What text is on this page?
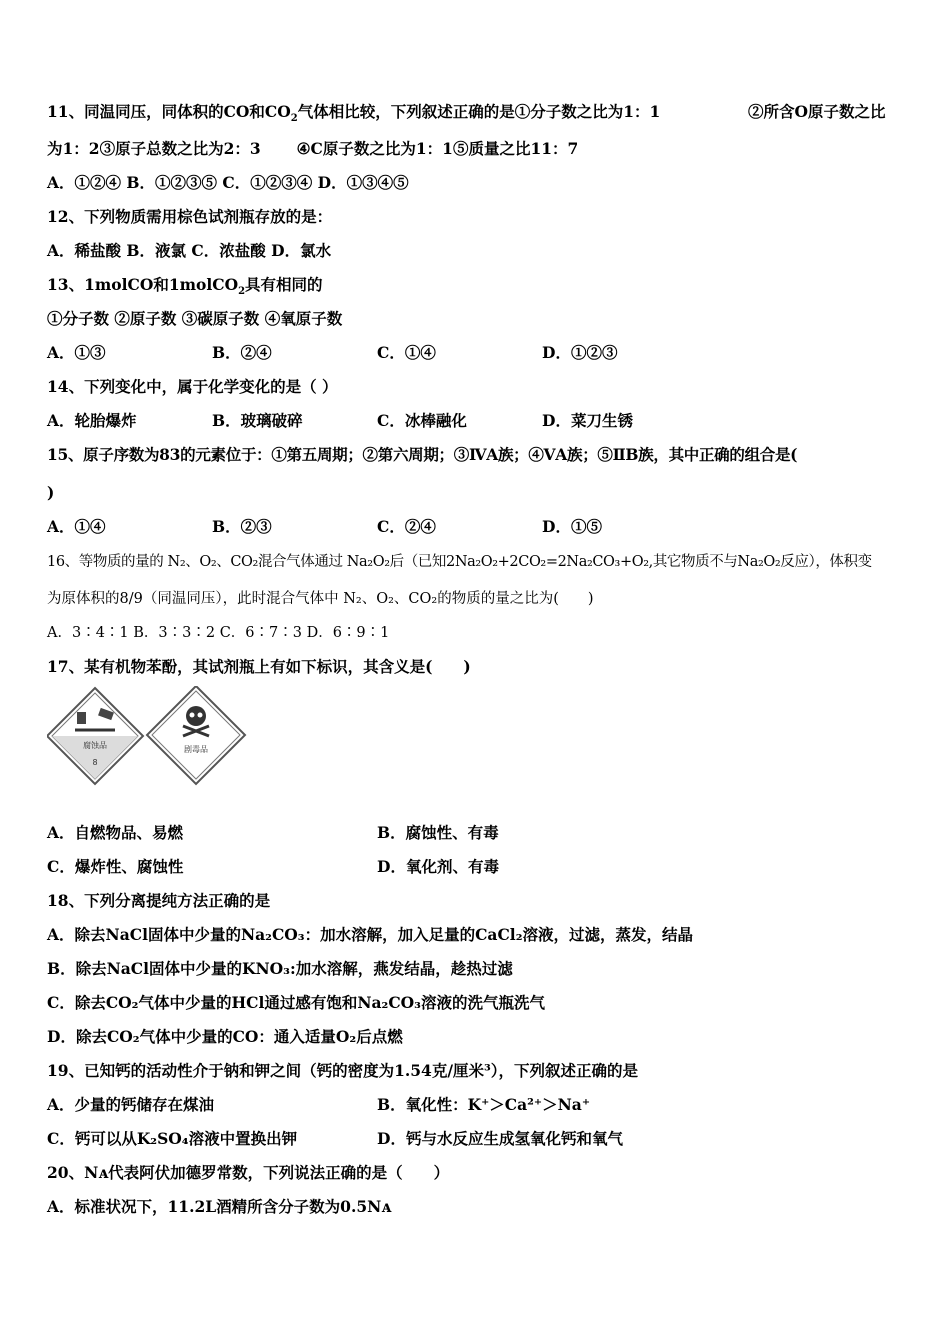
11、同温同压，同体积的CO和$CO_2$气体相比较，下列叙述正确的是①分子数之比为1：1	②所含O原子数之比
为1：2③原子总数之比为2：3 ④C原子数之比为1：1⑤质量之比11：7
A．①②④ B．①②③⑤ C．①②③④ D．①③④⑤
12、下列物质需用棕色试剂瓶存放的是：
A．稀盐酸 B．液氯 C．浓盐酸 D．氯水
13、1molCO和1molCO$_2$具有相同的
①分子数 ②原子数 ③碳原子数 ④氧原子数
A．①③	B．②④	C．①④	D．①②③
14、下列变化中，属于化学变化的是（ ）
A．轮胎爆炸	B．玻璃破碎	C．冰棒融化	D．菜刀生锈
15、原子序数为83的元素位于：①第五周期；②第六周期；③ⅣA族；④ⅤA族；⑤ⅡB族，其中正确的组合是(
)
A．①④	B．②③	C．②④	D．①⑤
16、等物质的量的 N₂、O₂、CO₂混合气体通过 Na₂O₂后（已知2Na₂O₂+2CO₂=2Na₂CO₃+O₂,其它物质不与Na₂O₂反应），体积变
为原体积的8/9（同温同压），此时混合气体中 N₂、O₂、CO₂的物质的量之比为(　　)
A．3∶4∶1 B．3∶3∶2 C．6∶7∶3 D．6∶9∶1
17、某有机物苯酚，其试剂瓶上有如下标识，其含义是(　　)
腐蚀品
8
剧毒品
A．自燃物品、易燃	B．腐蚀性、有毒
C．爆炸性、腐蚀性	D．氧化剂、有毒
18、下列分离提纯方法正确的是
A．除去NaCl固体中少量的Na₂CO₃：加水溶解，加入足量的CaCl₂溶液，过滤，蒸发，结晶
B．除去NaCl固体中少量的KNO₃:加水溶解，燕发结晶，趁热过滤
C．除去CO₂气体中少量的HCl通过感有饱和Na₂CO₃溶液的洗气瓶洗气
D．除去CO₂气体中少量的CO：通入适量O₂后点燃
19、已知钙的活动性介于钠和钾之间（钙的密度为1.54克/厘米³），下列叙述正确的是
A．少量的钙储存在煤油	B．氧化性：K⁺＞Ca²⁺＞Na⁺
C．钙可以从K₂SO₄溶液中置换出钾	D．钙与水反应生成氢氧化钙和氧气
20、Nᴀ代表阿伏加德罗常数，下列说法正确的是（　　）
A．标准状况下，11.2L酒精所含分子数为0.5Nᴀ
